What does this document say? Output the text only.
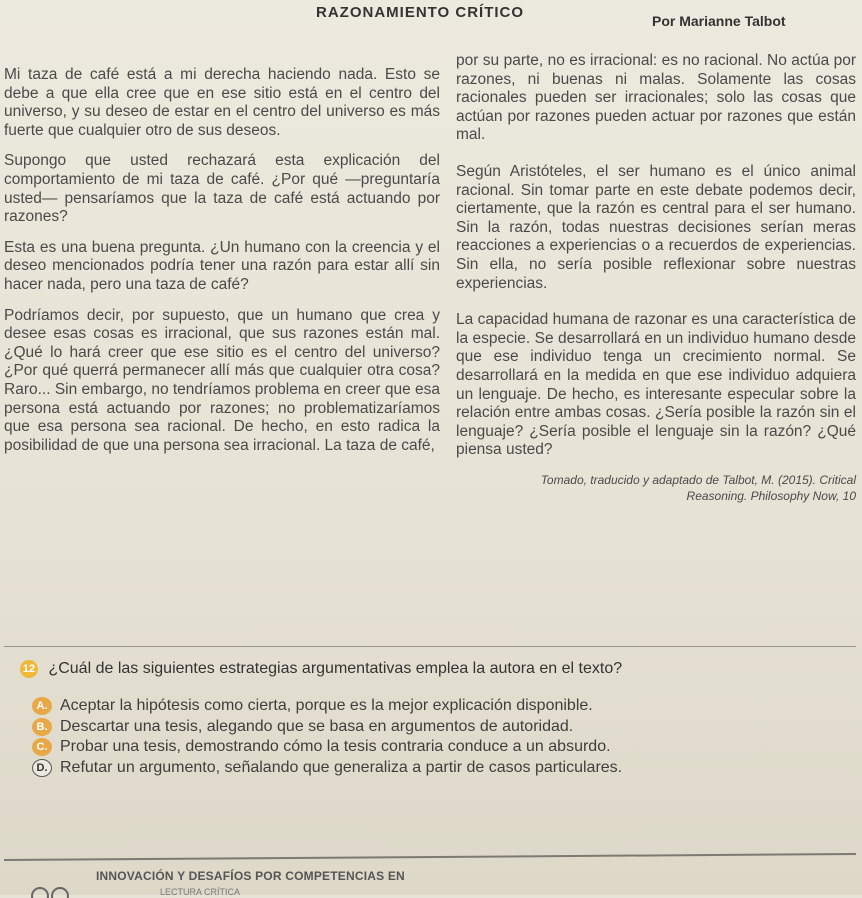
RAZONAMIENTO CRÍTICO	Por Marianne Talbot

Mi taza de café está a mi derecha haciendo nada. Esto se debe a que ella cree que en ese sitio está en el centro del universo, y su deseo de estar en el centro del universo es más fuerte que cualquier otro de sus deseos.

Supongo que usted rechazará esta explicación del comportamiento de mi taza de café. ¿Por qué —preguntaría usted— pensaríamos que la taza de café está actuando por razones?

Esta es una buena pregunta. ¿Un humano con la creencia y el deseo mencionados podría tener una razón para estar allí sin hacer nada, pero una taza de café?

Podríamos decir, por supuesto, que un humano que crea y desee esas cosas es irracional, que sus razones están mal. ¿Qué lo hará creer que ese sitio es el centro del universo? ¿Por qué querrá permanecer allí más que cualquier otra cosa? Raro... Sin embargo, no tendríamos problema en creer que esa persona está actuando por razones; no problematizaríamos que esa persona sea racional. De hecho, en esto radica la posibilidad de que una persona sea irracional. La taza de café,

por su parte, no es irracional: es no racional. No actúa por razones, ni buenas ni malas. Solamente las cosas racionales pueden ser irracionales; solo las cosas que actúan por razones pueden actuar por razones que están mal.

Según Aristóteles, el ser humano es el único animal racional. Sin tomar parte en este debate podemos decir, ciertamente, que la razón es central para el ser humano. Sin la razón, todas nuestras decisiones serían meras reacciones a experiencias o a recuerdos de experiencias. Sin ella, no sería posible reflexionar sobre nuestras experiencias.

La capacidad humana de razonar es una característica de la especie. Se desarrollará en un individuo humano desde que ese individuo tenga un crecimiento normal. Se desarrollará en la medida en que ese individuo adquiera un lenguaje. De hecho, es interesante especular sobre la relación entre ambas cosas. ¿Sería posible la razón sin el lenguaje? ¿Sería posible el lenguaje sin la razón? ¿Qué piensa usted?

Tomado, traducido y adaptado de Talbot, M. (2015). Critical
Reasoning. Philosophy Now, 10
12 ¿Cuál de las siguientes estrategias argumentativas emplea la autora en el texto?
A. Aceptar la hipótesis como cierta, porque es la mejor explicación disponible.
B. Descartar una tesis, alegando que se basa en argumentos de autoridad.
C. Probar una tesis, demostrando cómo la tesis contraria conduce a un absurdo.
D. Refutar un argumento, señalando que generaliza a partir de casos particulares.
INNOVACIÓN Y DESAFÍOS POR COMPETENCIAS EN
LECTURA CRÍTICA
